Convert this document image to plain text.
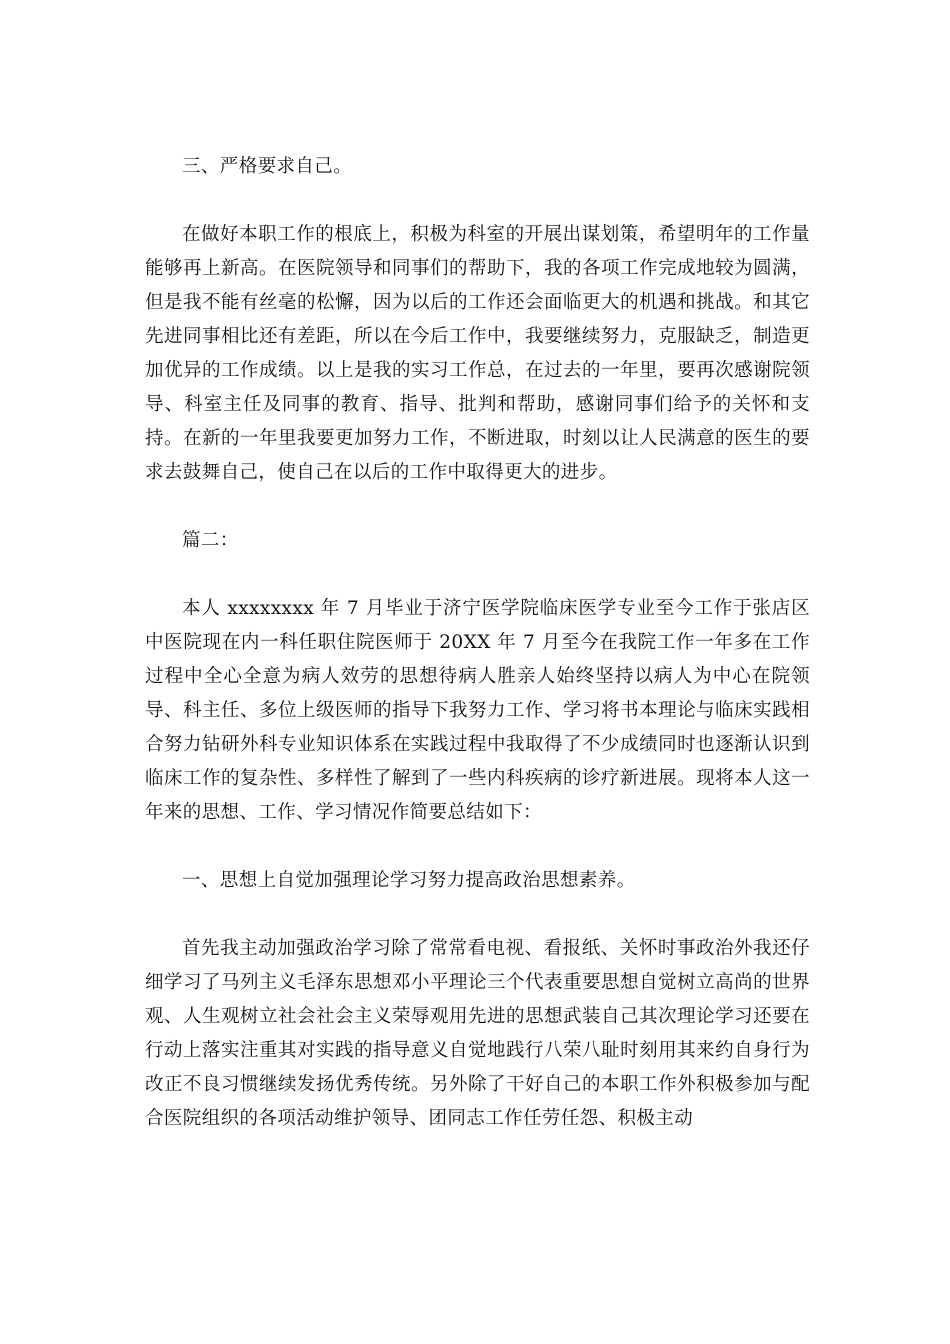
三、严格要求自己。

在做好本职工作的根底上，积极为科室的开展出谋划策，希望明年的工作量能够再上新高。在医院领导和同事们的帮助下，我的各项工作完成地较为圆满，但是我不能有丝毫的松懈，因为以后的工作还会面临更大的机遇和挑战。和其它先进同事相比还有差距，所以在今后工作中，我要继续努力，克服缺乏，制造更加优异的工作成绩。以上是我的实习工作总，在过去的一年里，要再次感谢院领导、科室主任及同事的教育、指导、批判和帮助，感谢同事们给予的关怀和支持。在新的一年里我要更加努力工作，不断进取，时刻以让人民满意的医生的要求去鼓舞自己，使自己在以后的工作中取得更大的进步。

篇二：

本人 xxxxxxxx 年 7 月毕业于济宁医学院临床医学专业至今工作于张店区中医院现在内一科任职住院医师于 20XX 年 7 月至今在我院工作一年多在工作过程中全心全意为病人效劳的思想待病人胜亲人始终坚持以病人为中心在院领导、科主任、多位上级医师的指导下我努力工作、学习将书本理论与临床实践相合努力钻研外科专业知识体系在实践过程中我取得了不少成绩同时也逐渐认识到临床工作的复杂性、多样性了解到了一些内科疾病的诊疗新进展。现将本人这一年来的思想、工作、学习情况作简要总结如下：

一、思想上自觉加强理论学习努力提高政治思想素养。

首先我主动加强政治学习除了常常看电视、看报纸、关怀时事政治外我还仔细学习了马列主义毛泽东思想邓小平理论三个代表重要思想自觉树立高尚的世界观、人生观树立社会社会主义荣辱观用先进的思想武装自己其次理论学习还要在行动上落实注重其对实践的指导意义自觉地践行八荣八耻时刻用其来约自身行为改正不良习惯继续发扬优秀传统。另外除了干好自己的本职工作外积极参加与配合医院组织的各项活动维护领导、团同志工作任劳任怨、积极主动
